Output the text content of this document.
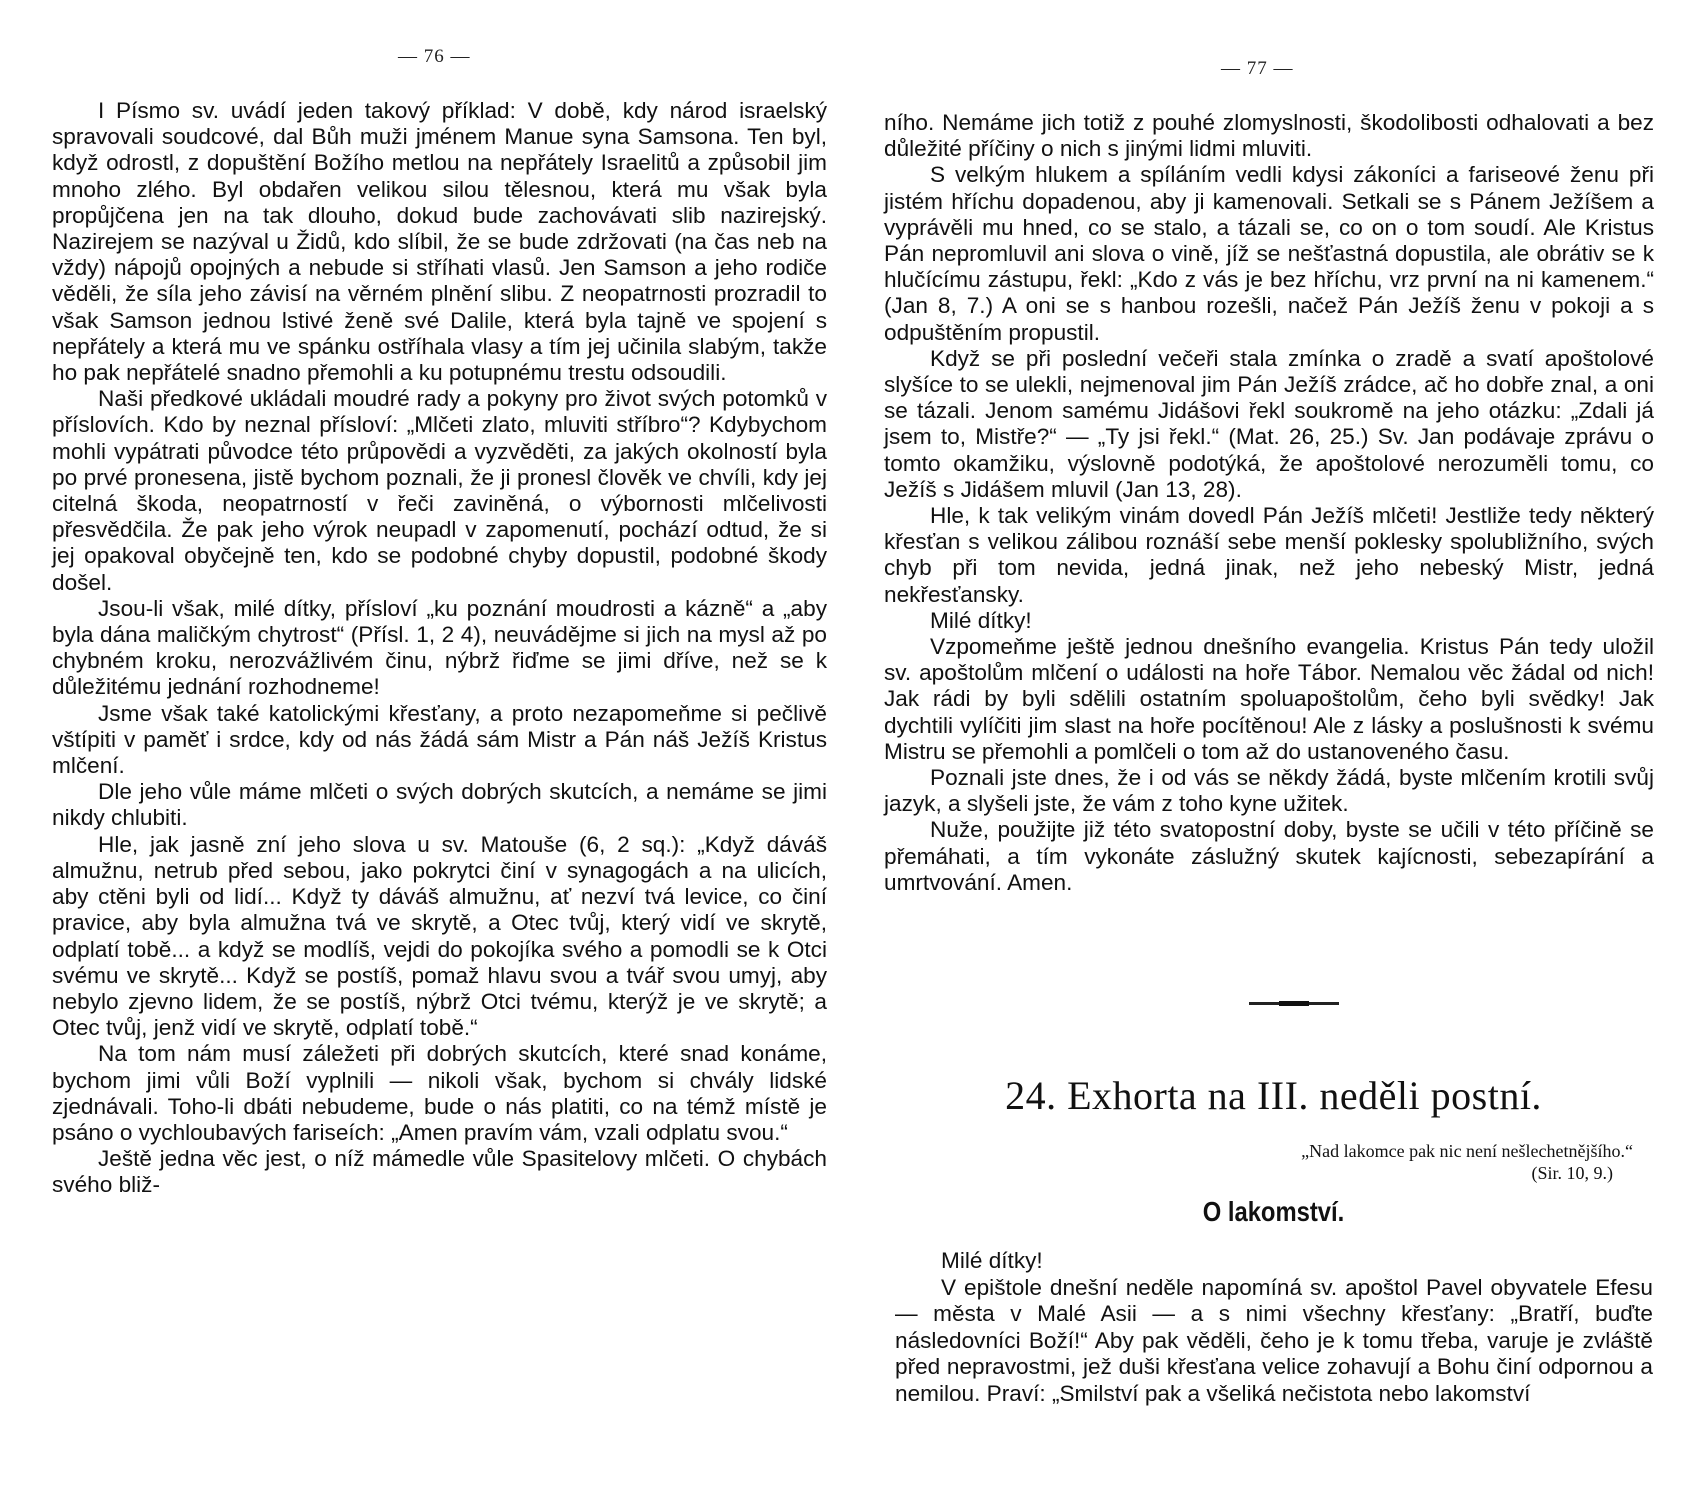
— 76 —

I Písmo sv. uvádí jeden takový příklad: V době, kdy národ israelský spravovali soudcové, dal Bůh muži jménem Manue syna Samsona. Ten byl, když odrostl, z dopuštění Božího metlou na nepřátely Israelitů a způsobil jim mnoho zlého. Byl obdařen velikou silou tělesnou, která mu však byla propůjčena jen na tak dlouho, dokud bude zachovávati slib nazirejský. Nazirejem se nazýval u Židů, kdo slíbil, že se bude zdržovati (na čas neb na vždy) nápojů opojných a nebude si stříhati vlasů. Jen Samson a jeho rodiče věděli, že síla jeho závisí na věrném plnění slibu. Z neopatrnosti prozradil to však Samson jednou lstivé ženě své Dalile, která byla tajně ve spojení s nepřátely a která mu ve spánku ostříhala vlasy a tím jej učinila slabým, takže ho pak nepřátelé snadno přemohli a ku potupnému trestu odsoudili.

Naši předkové ukládali moudré rady a pokyny pro život svých potomků v příslovích. Kdo by neznal přísloví: „Mlčeti zlato, mluviti stříbro“? Kdybychom mohli vypátrati původce této průpovědi a vyzvěděti, za jakých okolností byla po prvé pronesena, jistě bychom poznali, že ji pronesl člověk ve chvíli, kdy jej citelná škoda, neopatrností v řeči zaviněná, o výbornosti mlčelivosti přesvědčila. Že pak jeho výrok neupadl v zapomenutí, pochází odtud, že si jej opakoval obyčejně ten, kdo se podobné chyby dopustil, podobné škody došel.

Jsou-li však, milé dítky, přísloví „ku poznání moudrosti a kázně“ a „aby byla dána maličkým chytrost“ (Přísl. 1, 2 4), neuvádějme si jich na mysl až po chybném kroku, nerozvážlivém činu, nýbrž řiďme se jimi dříve, než se k důležitému jednání rozhodneme!

Jsme však také katolickými křesťany, a proto nezapomeňme si pečlivě vštípiti v paměť i srdce, kdy od nás žádá sám Mistr a Pán náš Ježíš Kristus mlčení.

Dle jeho vůle máme mlčeti o svých dobrých skutcích, a nemáme se jimi nikdy chlubiti.

Hle, jak jasně zní jeho slova u sv. Matouše (6, 2 sq.): „Když dáváš almužnu, netrub před sebou, jako pokrytci činí v synagogách a na ulicích, aby ctěni byli od lidí... Když ty dáváš almužnu, ať nezví tvá levice, co činí pravice, aby byla almužna tvá ve skrytě, a Otec tvůj, který vidí ve skrytě, odplatí tobě... a když se modlíš, vejdi do pokojíka svého a pomodli se k Otci svému ve skrytě... Když se postíš, pomaž hlavu svou a tvář svou umyj, aby nebylo zjevno lidem, že se postíš, nýbrž Otci tvému, kterýž je ve skrytě; a Otec tvůj, jenž vidí ve skrytě, odplatí tobě.“

Na tom nám musí záležeti při dobrých skutcích, které snad konáme, bychom jimi vůli Boží vyplnili — nikoli však, bychom si chvály lidské zjednávali. Toho-li dbáti nebudeme, bude o nás platiti, co na témž místě je psáno o vychloubavých fariseích: „Amen pravím vám, vzali odplatu svou.“

Ještě jedna věc jest, o níž mámedle vůle Spasitelovy mlčeti. O chybách svého bliž-

— 77 —

ního. Nemáme jich totiž z pouhé zlomyslnosti, škodolibosti odhalovati a bez důležité příčiny o nich s jinými lidmi mluviti.

S velkým hlukem a spíláním vedli kdysi zákoníci a fariseové ženu při jistém hříchu dopadenou, aby ji kamenovali. Setkali se s Pánem Ježíšem a vyprávěli mu hned, co se stalo, a tázali se, co on o tom soudí. Ale Kristus Pán nepromluvil ani slova o vině, jíž se nešťastná dopustila, ale obrátiv se k hlučícímu zástupu, řekl: „Kdo z vás je bez hříchu, vrz první na ni kamenem.“ (Jan 8, 7.) A oni se s hanbou rozešli, načež Pán Ježíš ženu v pokoji a s odpuštěním propustil.

Když se při poslední večeři stala zmínka o zradě a svatí apoštolové slyšíce to se ulekli, nejmenoval jim Pán Ježíš zrádce, ač ho dobře znal, a oni se tázali. Jenom samému Jidášovi řekl soukromě na jeho otázku: „Zdali já jsem to, Mistře?“ — „Ty jsi řekl.“ (Mat. 26, 25.) Sv. Jan podávaje zprávu o tomto okamžiku, výslovně podotýká, že apoštolové nerozuměli tomu, co Ježíš s Jidášem mluvil (Jan 13, 28).

Hle, k tak velikým vinám dovedl Pán Ježíš mlčeti! Jestliže tedy některý křesťan s velikou zálibou roznáší sebe menší poklesky spolubližního, svých chyb při tom nevida, jedná jinak, než jeho nebeský Mistr, jedná nekřesťansky.

Milé dítky!

Vzpomeňme ještě jednou dnešního evangelia. Kristus Pán tedy uložil sv. apoštolům mlčení o události na hoře Tábor. Nemalou věc žádal od nich! Jak rádi by byli sdělili ostatním spoluapoštolům, čeho byli svědky! Jak dychtili vylíčiti jim slast na hoře pocítěnou! Ale z lásky a poslušnosti k svému Mistru se přemohli a pomlčeli o tom až do ustanoveného času.

Poznali jste dnes, že i od vás se někdy žádá, byste mlčením krotili svůj jazyk, a slyšeli jste, že vám z toho kyne užitek.

Nuže, použijte již této svatopostní doby, byste se učili v této příčině se přemáhati, a tím vykonáte záslužný skutek kajícnosti, sebezapírání a umrtvování. Amen.

24. Exhorta na III. neděli postní.
„Nad lakomce pak nic není nešlechetnějšího.“
(Sir. 10, 9.)
O lakomství.

Milé dítky!

V epištole dnešní neděle napomíná sv. apoštol Pavel obyvatele Efesu — města v Malé Asii — a s nimi všechny křesťany: „Bratří, buďte následovníci Boží!“ Aby pak věděli, čeho je k tomu třeba, varuje je zvláště před nepravostmi, jež duši křesťana velice zohavují a Bohu činí odpornou a nemilou. Praví: „Smilství pak a všeliká nečistota nebo lakomství
